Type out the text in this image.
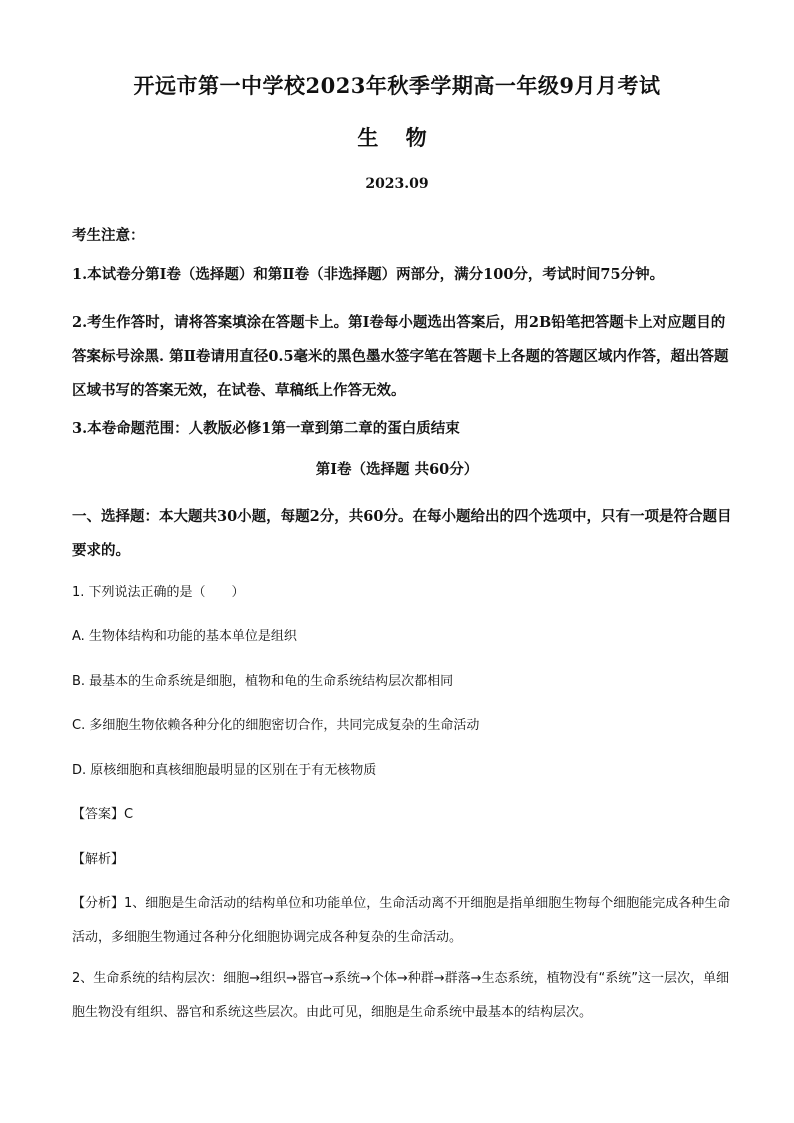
开远市第一中学校2023年秋季学期高一年级9月月考试
生 物
2023.09
考生注意：
1.本试卷分第Ⅰ卷（选择题）和第Ⅱ卷（非选择题）两部分，满分100分，考试时间75分钟。
2.考生作答时，请将答案填涂在答题卡上。第Ⅰ卷每小题选出答案后，用2B铅笔把答题卡上对应题目的答案标号涂黑. 第Ⅱ卷请用直径0.5毫米的黑色墨水签字笔在答题卡上各题的答题区域内作答，超出答题区域书写的答案无效，在试卷、草稿纸上作答无效。
3.本卷命题范围：人教版必修1第一章到第二章的蛋白质结束
第Ⅰ卷（选择题 共60分）
一、选择题：本大题共30小题，每题2分，共60分。在每小题给出的四个选项中，只有一项是符合题目要求的。
1. 下列说法正确的是（　　）
A. 生物体结构和功能的基本单位是组织
B. 最基本的生命系统是细胞，植物和龟的生命系统结构层次都相同
C. 多细胞生物依赖各种分化的细胞密切合作，共同完成复杂的生命活动
D. 原核细胞和真核细胞最明显的区别在于有无核物质
【答案】C
【解析】
【分析】1、细胞是生命活动的结构单位和功能单位，生命活动离不开细胞是指单细胞生物每个细胞能完成各种生命活动，多细胞生物通过各种分化细胞协调完成各种复杂的生命活动。
2、生命系统的结构层次：细胞→组织→器官→系统→个体→种群→群落→生态系统，植物没有“系统”这一层次，单细胞生物没有组织、器官和系统这些层次。由此可见，细胞是生命系统中最基本的结构层次。
